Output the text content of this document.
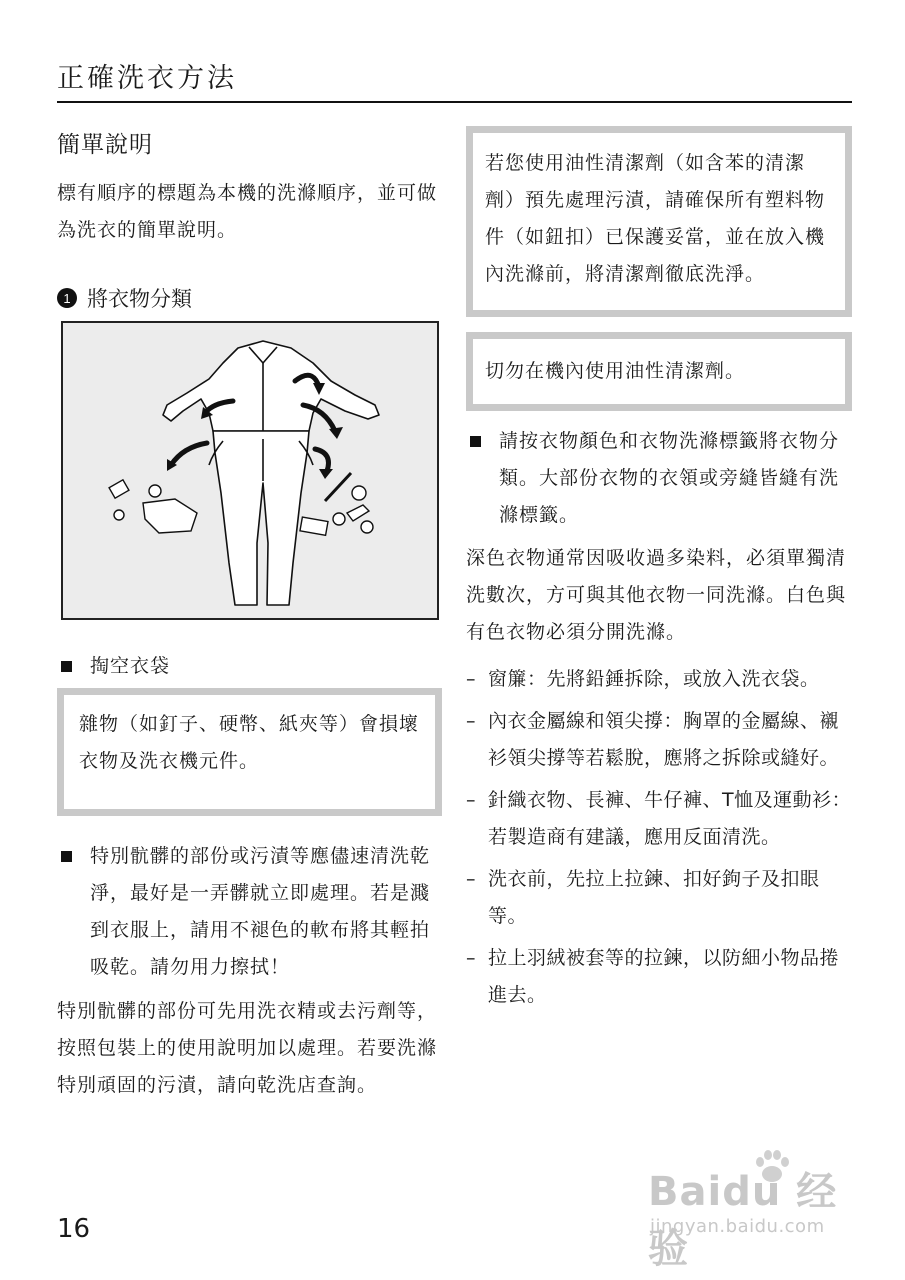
正確洗衣方法
簡單說明

標有順序的標題為本機的洗滌順序，並可做為洗衣的簡單說明。

1 將衣物分類
掏空衣袋
雜物（如釘子、硬幣、紙夾等）會損壞衣物及洗衣機元件。
特別骯髒的部份或污漬等應儘速清洗乾淨，最好是一弄髒就立即處理。若是濺到衣服上，請用不褪色的軟布將其輕拍吸乾。請勿用力擦拭！

特別骯髒的部份可先用洗衣精或去污劑等，按照包裝上的使用說明加以處理。若要洗滌特別頑固的污漬，請向乾洗店查詢。

若您使用油性清潔劑（如含苯的清潔劑）預先處理污漬，請確保所有塑料物件（如鈕扣）已保護妥當，並在放入機內洗滌前，將清潔劑徹底洗淨。
切勿在機內使用油性清潔劑。
請按衣物顏色和衣物洗滌標籤將衣物分類。大部份衣物的衣領或旁縫皆縫有洗滌標籤。

深色衣物通常因吸收過多染料，必須單獨清洗數次，方可與其他衣物一同洗滌。白色與有色衣物必須分開洗滌。

– 窗簾：先將鉛錘拆除，或放入洗衣袋。
– 內衣金屬線和領尖撐：胸罩的金屬線、襯衫領尖撐等若鬆脫，應將之拆除或縫好。
– 針織衣物、長褲、牛仔褲、T恤及運動衫：若製造商有建議，應用反面清洗。
– 洗衣前，先拉上拉鍊、扣好鉤子及扣眼等。
– 拉上羽絨被套等的拉鍊，以防細小物品捲進去。
16
Baidu 经验
jingyan.baidu.com
